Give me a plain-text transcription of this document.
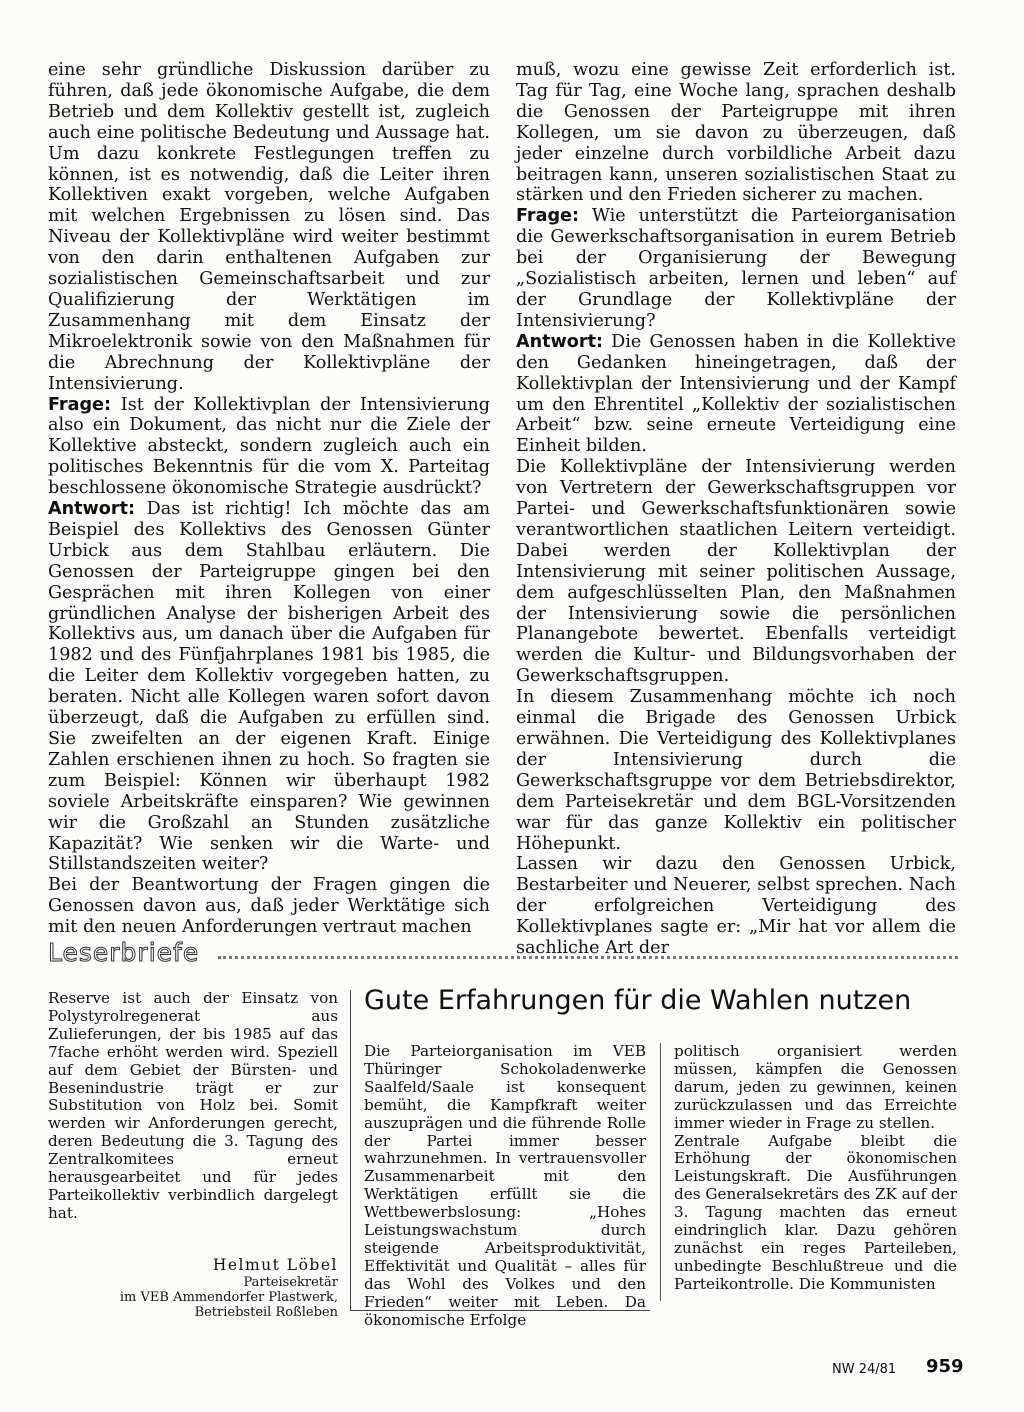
eine sehr gründliche Diskussion darüber zu führen, daß jede ökonomische Aufgabe, die dem Betrieb und dem Kollektiv gestellt ist, zugleich auch eine politische Bedeutung und Aussage hat. Um dazu konkrete Festlegungen treffen zu können, ist es notwendig, daß die Leiter ihren Kollektiven exakt vorgeben, welche Aufgaben mit welchen Ergebnissen zu lösen sind. Das Niveau der Kollektivpläne wird weiter bestimmt von den darin enthaltenen Aufgaben zur sozialistischen Gemeinschaftsarbeit und zur Qualifizierung der Werktätigen im Zusammenhang mit dem Einsatz der Mikroelektronik sowie von den Maßnahmen für die Abrechnung der Kollektivpläne der Intensivierung.

Frage: Ist der Kollektivplan der Intensivierung also ein Dokument, das nicht nur die Ziele der Kollektive absteckt, sondern zugleich auch ein politisches Bekenntnis für die vom X. Parteitag beschlossene ökonomische Strategie ausdrückt?

Antwort: Das ist richtig! Ich möchte das am Beispiel des Kollektivs des Genossen Günter Urbick aus dem Stahlbau erläutern. Die Genossen der Parteigruppe gingen bei den Gesprächen mit ihren Kollegen von einer gründlichen Analyse der bisherigen Arbeit des Kollektivs aus, um danach über die Aufgaben für 1982 und des Fünfjahrplanes 1981 bis 1985, die die Leiter dem Kollektiv vorgegeben hatten, zu beraten. Nicht alle Kollegen waren sofort davon überzeugt, daß die Aufgaben zu erfüllen sind. Sie zweifelten an der eigenen Kraft. Einige Zahlen erschienen ihnen zu hoch. So fragten sie zum Beispiel: Können wir überhaupt 1982 soviele Arbeitskräfte einsparen? Wie gewinnen wir die Großzahl an Stunden zusätzliche Kapazität? Wie senken wir die Warte- und Stillstandszeiten weiter?

Bei der Beantwortung der Fragen gingen die Genossen davon aus, daß jeder Werktätige sich mit den neuen Anforderungen vertraut machen

muß, wozu eine gewisse Zeit erforderlich ist. Tag für Tag, eine Woche lang, sprachen deshalb die Genossen der Parteigruppe mit ihren Kollegen, um sie davon zu überzeugen, daß jeder einzelne durch vorbildliche Arbeit dazu beitragen kann, unseren sozialistischen Staat zu stärken und den Frieden sicherer zu machen.

Frage: Wie unterstützt die Parteiorganisation die Gewerkschaftsorganisation in eurem Betrieb bei der Organisierung der Bewegung „Sozialistisch arbeiten, lernen und leben“ auf der Grundlage der Kollektivpläne der Intensivierung?

Antwort: Die Genossen haben in die Kollektive den Gedanken hineingetragen, daß der Kollektivplan der Intensivierung und der Kampf um den Ehrentitel „Kollektiv der sozialistischen Arbeit“ bzw. seine erneute Verteidigung eine Einheit bilden.

Die Kollektivpläne der Intensivierung werden von Vertretern der Gewerkschaftsgruppen vor Partei- und Gewerkschaftsfunktionären sowie verantwortlichen staatlichen Leitern verteidigt. Dabei werden der Kollektivplan der Intensivierung mit seiner politischen Aussage, dem aufgeschlüsselten Plan, den Maßnahmen der Intensivierung sowie die persönlichen Planangebote bewertet. Ebenfalls verteidigt werden die Kultur- und Bildungsvorhaben der Gewerkschaftsgruppen.

In diesem Zusammenhang möchte ich noch einmal die Brigade des Genossen Urbick erwähnen. Die Verteidigung des Kollektivplanes der Intensivierung durch die Gewerkschaftsgruppe vor dem Betriebsdirektor, dem Parteisekretär und dem BGL-Vorsitzenden war für das ganze Kollektiv ein politischer Höhepunkt.

Lassen wir dazu den Genossen Urbick, Bestarbeiter und Neuerer, selbst sprechen. Nach der erfolgreichen Verteidigung des Kollektivplanes sagte er: „Mir hat vor allem die sachliche Art der

Leserbriefe

Reserve ist auch der Einsatz von Polystyrolregenerat aus Zulieferungen, der bis 1985 auf das 7fache erhöht werden wird. Speziell auf dem Gebiet der Bürsten- und Besenindustrie trägt er zur Substitution von Holz bei. Somit werden wir Anforderungen gerecht, deren Bedeutung die 3. Tagung des Zentralkomitees erneut herausgearbeitet und für jedes Parteikollektiv verbindlich dargelegt hat.

Helmut Löbel
Parteisekretär
im VEB Ammendorfer Plastwerk,
Betriebsteil Roßleben
Gute Erfahrungen für die Wahlen nutzen

Die Parteiorganisation im VEB Thüringer Schokoladenwerke Saalfeld/Saale ist konsequent bemüht, die Kampfkraft weiter auszuprägen und die führende Rolle der Partei immer besser wahrzunehmen. In vertrauensvoller Zusammenarbeit mit den Werktätigen erfüllt sie die Wettbewerbslosung: „Hohes Leistungswachstum durch steigende Arbeitsproduktivität, Effektivität und Qualität – alles für das Wohl des Volkes und den Frieden“ weiter mit Leben. Da ökonomische Erfolge

politisch organisiert werden müssen, kämpfen die Genossen darum, jeden zu gewinnen, keinen zurückzulassen und das Erreichte immer wieder in Frage zu stellen.

Zentrale Aufgabe bleibt die Erhöhung der ökonomischen Leistungskraft. Die Ausführungen des Generalsekretärs des ZK auf der 3. Tagung machten das erneut eindringlich klar. Dazu gehören zunächst ein reges Parteileben, unbedingte Beschlußtreue und die Parteikontrolle. Die Kommunisten

NW 24/81 959
